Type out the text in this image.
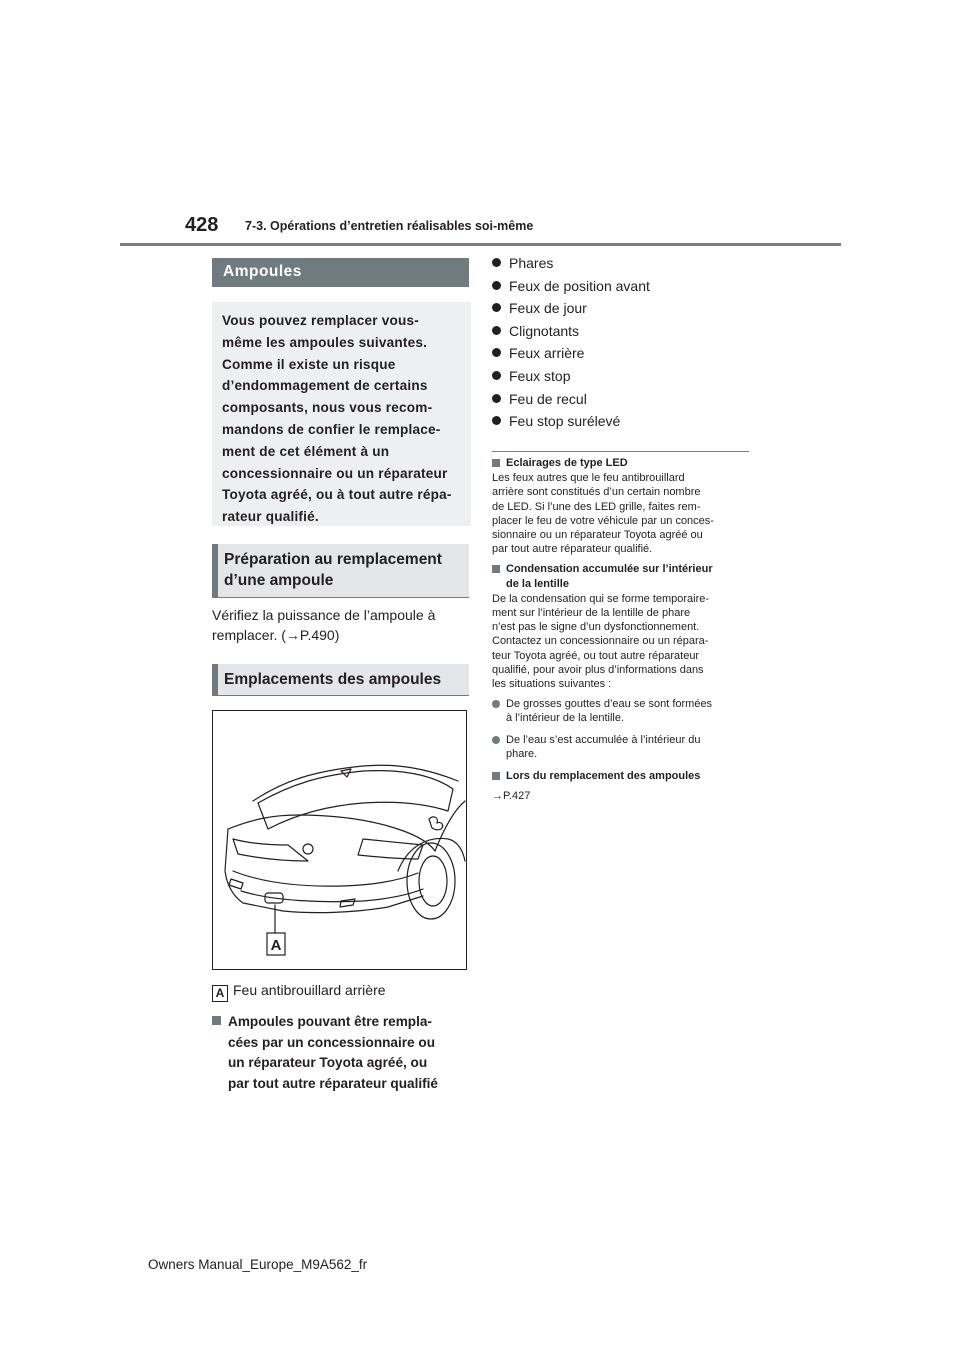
428 7-3. Opérations d’entretien réalisables soi-même
Ampoules
Vous pouvez remplacer vous-
même les ampoules suivantes.
Comme il existe un risque
d’endommagement de certains
composants, nous vous recom-
mandons de confier le remplace-
ment de cet élément à un
concessionnaire ou un réparateur
Toyota agréé, ou à tout autre répa-
rateur qualifié.
Préparation au remplacement
d’une ampoule
Vérifiez la puissance de l’ampoule à
remplacer. (→P.490)
Emplacements des ampoules
A
A Feu antibrouillard arrière
Ampoules pouvant être rempla-
cées par un concessionnaire ou
un réparateur Toyota agréé, ou
par tout autre réparateur qualifié
Phares
Feux de position avant
Feux de jour
Clignotants
Feux arrière
Feux stop
Feu de recul
Feu stop surélevé
Eclairages de type LED
Les feux autres que le feu antibrouillard
arrière sont constitués d’un certain nombre
de LED. Si l’une des LED grille, faites rem-
placer le feu de votre véhicule par un conces-
sionnaire ou un réparateur Toyota agréé ou
par tout autre réparateur qualifié.
Condensation accumulée sur l’intérieur
de la lentille
De la condensation qui se forme temporaire-
ment sur l’intérieur de la lentille de phare
n’est pas le signe d’un dysfonctionnement.
Contactez un concessionnaire ou un répara-
teur Toyota agréé, ou tout autre réparateur
qualifié, pour avoir plus d’informations dans
les situations suivantes :
De grosses gouttes d’eau se sont formées
à l’intérieur de la lentille.
De l’eau s’est accumulée à l’intérieur du
phare.
Lors du remplacement des ampoules
→P.427
Owners Manual_Europe_M9A562_fr
